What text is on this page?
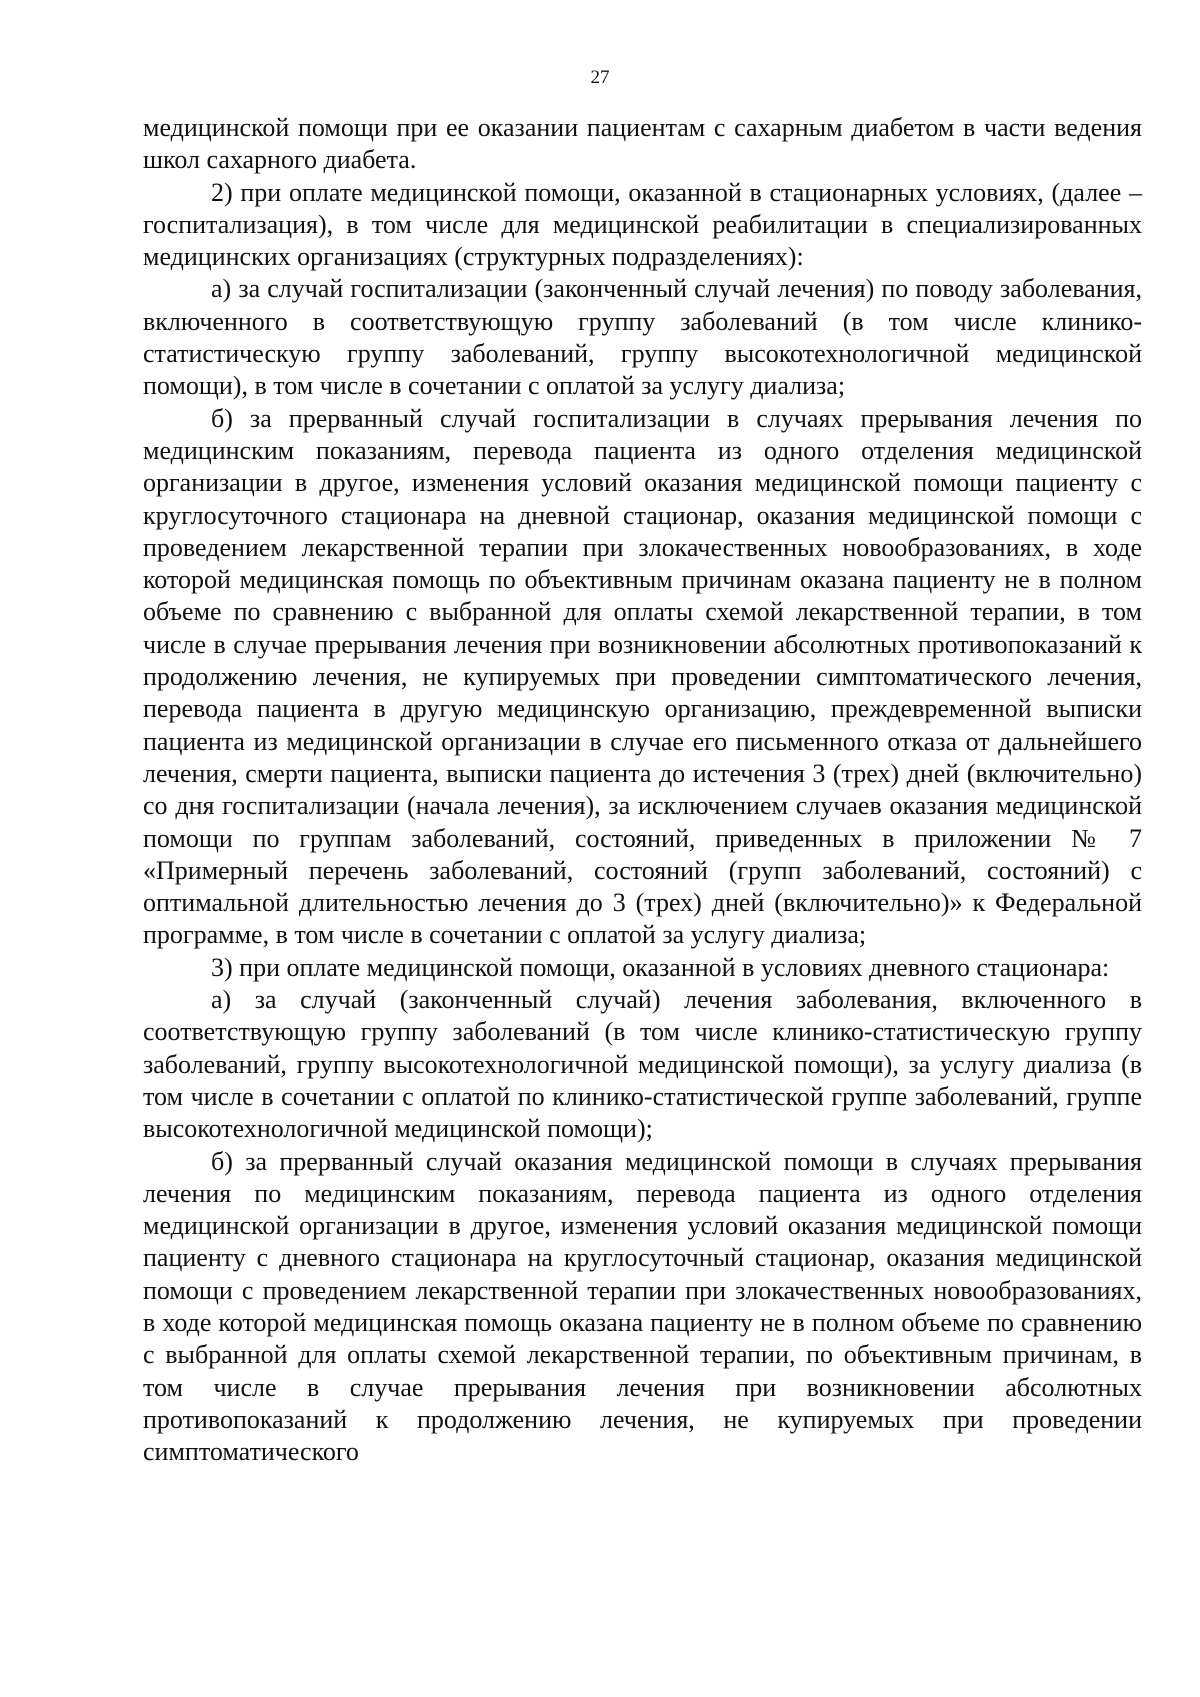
27

медицинской помощи при ее оказании пациентам с сахарным диабетом в части ведения школ сахарного диабета.

2) при оплате медицинской помощи, оказанной в стационарных условиях, (далее – госпитализация), в том числе для медицинской реабилитации в специализированных медицинских организациях (структурных подразделениях):

а) за случай госпитализации (законченный случай лечения) по поводу заболевания, включенного в соответствующую группу заболеваний (в том числе клинико-статистическую группу заболеваний, группу высокотехнологичной медицинской помощи), в том числе в сочетании с оплатой за услугу диализа;

б) за прерванный случай госпитализации в случаях прерывания лечения по медицинским показаниям, перевода пациента из одного отделения медицинской организации в другое, изменения условий оказания медицинской помощи пациенту с круглосуточного стационара на дневной стационар, оказания медицинской помощи с проведением лекарственной терапии при злокачественных новообразованиях, в ходе которой медицинская помощь по объективным причинам оказана пациенту не в полном объеме по сравнению с выбранной для оплаты схемой лекарственной терапии, в том числе в случае прерывания лечения при возникновении абсолютных противопоказаний к продолжению лечения, не купируемых при проведении симптоматического лечения, перевода пациента в другую медицинскую организацию, преждевременной выписки пациента из медицинской организации в случае его письменного отказа от дальнейшего лечения, смерти пациента, выписки пациента до истечения 3 (трех) дней (включительно) со дня госпитализации (начала лечения), за исключением случаев оказания медицинской помощи по группам заболеваний, состояний, приведенных в приложении № 7 «Примерный перечень заболеваний, состояний (групп заболеваний, состояний) с оптимальной длительностью лечения до 3 (трех) дней (включительно)» к Федеральной программе, в том числе в сочетании с оплатой за услугу диализа;

3) при оплате медицинской помощи, оказанной в условиях дневного стационара:

а) за случай (законченный случай) лечения заболевания, включенного в соответствующую группу заболеваний (в том числе клинико-статистическую группу заболеваний, группу высокотехнологичной медицинской помощи), за услугу диализа (в том числе в сочетании с оплатой по клинико-статистической группе заболеваний, группе высокотехнологичной медицинской помощи);

б) за прерванный случай оказания медицинской помощи в случаях прерывания лечения по медицинским показаниям, перевода пациента из одного отделения медицинской организации в другое, изменения условий оказания медицинской помощи пациенту с дневного стационара на круглосуточный стационар, оказания медицинской помощи с проведением лекарственной терапии при злокачественных новообразованиях, в ходе которой медицинская помощь оказана пациенту не в полном объеме по сравнению с выбранной для оплаты схемой лекарственной терапии, по объективным причинам, в том числе в случае прерывания лечения при возникновении абсолютных противопоказаний к продолжению лечения, не купируемых при проведении симптоматического
